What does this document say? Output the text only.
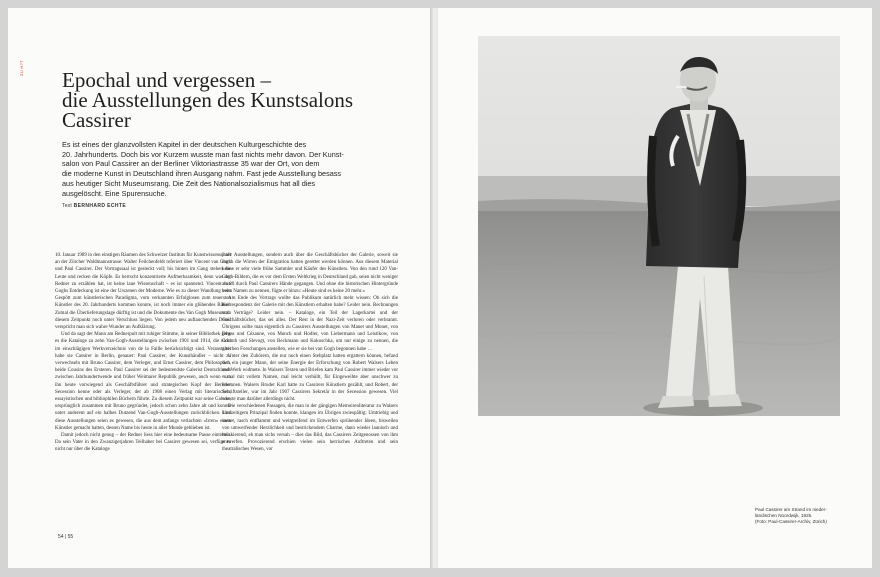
ZU H?T Epochal und vergessen –
die Ausstellungen des Kunstsalons
Cassirer

Es ist eines der glanzvollsten Kapitel in der deutschen Kulturgeschichte des
20. Jahrhunderts. Doch bis vor Kurzem wusste man fast nichts mehr davon. Der Kunst-
salon von Paul Cassirer an der Berliner Viktoriastrasse 35 war der Ort, von dem
die moderne Kunst in Deutschland ihren Ausgang nahm. Fast jede Ausstellung besass
aus heutiger Sicht Museumsrang. Die Zeit des Nationalsozialismus hat all dies
ausgelöscht. Eine Spurensuche.

Text BERNHARD ECHTE

10. Januar 1989 in den einstigen Räumen des Schweizer Instituts für Kunstwissenschaft an der Zürcher Waldmannstrasse: Walter Feilchenfeldt referiert über Vincent van Gogh und Paul Cassirer. Der Vortragssaal ist gesteckt voll; bis hinten im Gang stehen die Leute und recken die Köpfe. Es herrscht konzentrierte Aufmerksamkeit, denn was der Redner zu erzählen hat, ist keine laue Wissenschaft – es ist spannend. Vincent van Goghs Entdeckung ist eine der Urszenen der Moderne. Wie es zu dieser Wandlung vom Gespött zum künstlerischen Paradigma, vom verkannten Erfolglosen zum teuersten Künstler des 20. Jahrhunderts kommen konnte, ist noch immer ein glühendes Rätsel. Zumal die Überlieferungslage dürftig ist und die Dokumente des Van Gogh Museum zu diesem Zeitpunkt noch unter Verschluss liegen. Von jedem neu auftauchenden Detail verspricht man sich wahre Wunder an Aufklärung.

Und da sagt der Mann am Rednerpult mit ruhiger Stimme, in seiner Bibliothek gebe es die Kataloge zu zehn Van-Gogh-Ausstellungen zwischen 1901 und 1914, die nicht im einschlägigen Werkverzeichnis von de la Faille berücksichtigt sind. Veranstaltet habe sie Cassirer in Berlin, genauer: Paul Cassirer, der Kunsthändler – nicht zu verwechseln mit Bruno Cassirer, dem Verleger, und Ernst Cassirer, dem Philosophen, beide Cousins des Ersteren. Paul Cassirer sei der bedeutendste Galerist Deutschlands zwischen Jahrhundertwende und früher Weimarer Republik gewesen, auch wenn man ihn heute vorwiegend als Geschäftsführer und strategischen Kopf der Berliner Secession kenne oder als Verleger, der ab 1908 einen Verlag mit literarischen, essayistischen und bibliophilen Büchern führte. Zu diesem Zeitpunkt war seine Galerie, ursprünglich zusammen mit Bruno gegründet, jedoch schon zehn Jahre alt und konnte unter anderem auf ein halbes Dutzend Van-Gogh-Ausstellungen zurückblicken. Und diese Ausstellungen seien es gewesen, die aus dem anfangs verlachten «Irren» einen Künstler gemacht hatten, dessen Name bis heute in aller Munde geblieben ist.

Damit jedoch nicht genug – der Redner liess hier eine bedeutsame Pause eintreten. Da sein Vater in den Zwanzigerjahren Teilhaber bei Cassirer gewesen sei, verfüge er nicht nur über die Kataloge

jener Ausstellungen, sondern auch über die Geschäftsbücher der Galerie, soweit sie durch die Wirren der Emigration hatten gerettet werden können. Aus diesem Material kenne er sehr viele frühe Sammler und Käufer des Künstlers. Von den rund 120 Van-Gogh-Bildern, die es vor dem Ersten Weltkrieg in Deutschland gab, seien nicht weniger als 80 durch Paul Cassirers Hände gegangen. Und ohne die historischen Hintergründe beim Namen zu nennen, fügte er hinzu: «Heute sind es keine 20 mehr.»

Am Ende des Vortrags wollte das Publikum natürlich mehr wissen: Ob sich die Korrespondenz der Galerie mit den Künstlern erhalten habe? Leider nein. Rechnungen und Verträge? Leider nein. – Kataloge, ein Teil der Lagerkartei und der Geschäftsbücher, das sei alles. Der Rest in der Nazi-Zeit verloren oder verbrannt. Übrigens sollte man eigentlich zu Cassirers Ausstellungen von Manet und Monet, von Degas und Cézanne, von Munch und Hodler, von Liebermann und Leistikow, von Corinth und Slevogt, von Beckmann und Kokoschka, um nur einige zu nennen, die gleichen Forschungen anstellen, wie er sie bei van Gogh begonnen habe …

Unter den Zuhörern, die nur noch einen Stehplatz hatten ergattern können, befand sich ein junger Mann, der seine Energie der Erforschung von Robert Walsers Leben und Werk widmete. In Walsers Texten und Briefen kam Paul Cassirer immer wieder vor – mal mit vollem Namen, mal leicht verhüllt, für Eingeweihte aber unschwer zu erkennen. Walsers Bruder Karl hatte zu Cassirers Künstlern gezählt, und Robert, der Schriftsteller, war im Jahr 1907 Cassirers Sekretär in der Secession gewesen. Viel wusste man darüber allerdings nicht.

Die verschiedenen Passagen, die man in der gängigen Memoirenliteratur zu Walsers kurzzeitigem Prinzipal finden konnte, klangen im Übrigen zwiespältig: Umtriebig und unstet, rasch entflammt und weitgreifend im Entwerfen sprühender Ideen, bisweilen von umwerfender Herzlichkeit und bestrickendem Charme, dann wieder launisch und brüskierend, eh man sichs versah – dies das Bild, das Cassirers Zeitgenossen von ihm entwerfen. Provozierend erschien vielen sein herrisches Auftreten und sein theatralisches Wesen, vor

54 | 55

Paul Cassirer am Strand im nieder-
ländischen Noordwijk, 1925.
(Foto: Paul-Cassirer-Archiv, Zürich)
